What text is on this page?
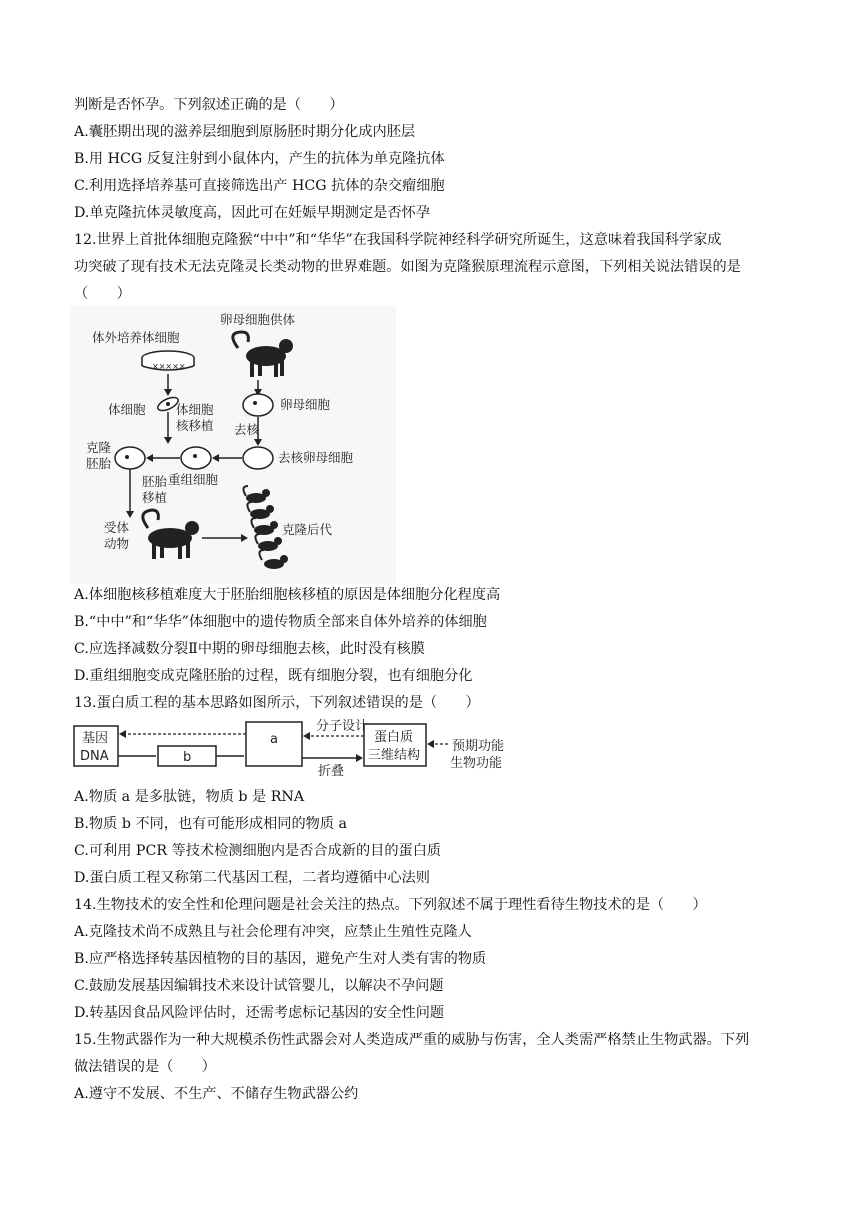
判断是否怀孕。下列叙述正确的是（　　）
A.囊胚期出现的滋养层细胞到原肠胚时期分化成内胚层
B.用 HCG 反复注射到小鼠体内，产生的抗体为单克隆抗体
C.利用选择培养基可直接筛选出产 HCG 抗体的杂交瘤细胞
D.单克隆抗体灵敏度高，因此可在妊娠早期测定是否怀孕
12.世界上首批体细胞克隆猴“中中”和“华华”在我国科学院神经科学研究所诞生，这意味着我国科学家成
功突破了现有技术无法克隆灵长类动物的世界难题。如图为克隆猴原理流程示意图，下列相关说法错误的是
（　　）
体外培养体细胞
卵母细胞供体
×××××
体细胞 体细胞
核移植
卵母细胞
去核
去核卵母细胞
重组细胞
克隆
胚胎
胚胎
移植
受体
动物
克隆后代
A.体细胞核移植难度大于胚胎细胞核移植的原因是体细胞分化程度高
B.“中中”和“华华”体细胞中的遗传物质全部来自体外培养的体细胞
C.应选择减数分裂Ⅱ中期的卵母细胞去核，此时没有核膜
D.重组细胞变成克隆胚胎的过程，既有细胞分裂，也有细胞分化
13.蛋白质工程的基本思路如图所示，下列叙述错误的是（　　）
基因
DNA	b
a	蛋白质
三维结构
预期功能
生物功能
分子设计
折叠
A.物质 a 是多肽链，物质 b 是 RNA
B.物质 b 不同，也有可能形成相同的物质 a
C.可利用 PCR 等技术检测细胞内是否合成新的目的蛋白质
D.蛋白质工程又称第二代基因工程，二者均遵循中心法则
14.生物技术的安全性和伦理问题是社会关注的热点。下列叙述不属于理性看待生物技术的是（　　）
A.克隆技术尚不成熟且与社会伦理有冲突，应禁止生殖性克隆人
B.应严格选择转基因植物的目的基因，避免产生对人类有害的物质
C.鼓励发展基因编辑技术来设计试管婴儿，以解决不孕问题
D.转基因食品风险评估时，还需考虑标记基因的安全性问题
15.生物武器作为一种大规模杀伤性武器会对人类造成严重的威胁与伤害，全人类需严格禁止生物武器。下列
做法错误的是（　　）
A.遵守不发展、不生产、不储存生物武器公约
